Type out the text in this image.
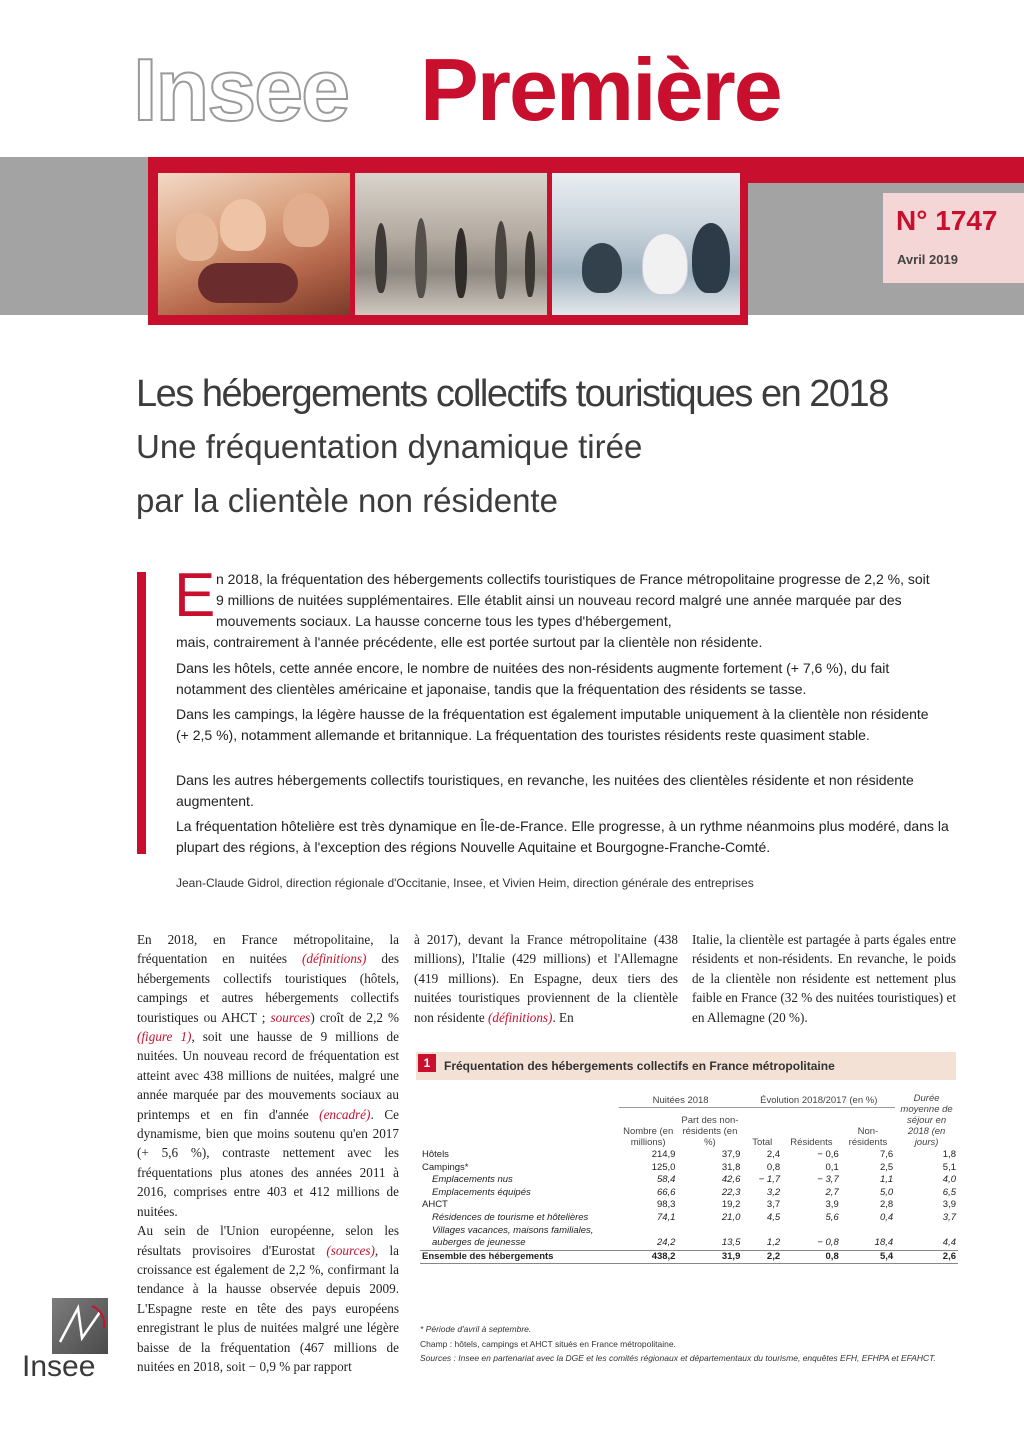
Insee Première
N° 1747
Avril 2019
Les hébergements collectifs touristiques en 2018
Une fréquentation dynamique tirée
par la clientèle non résidente
E n 2018, la fréquentation des hébergements collectifs touristiques de France métropolitaine progresse de 2,2 %, soit 9 millions de nuitées supplémentaires. Elle établit ainsi un nouveau record malgré une année marquée par des mouvements sociaux. La hausse concerne tous les types d'hébergement,

mais, contrairement à l'année précédente, elle est portée surtout par la clientèle non résidente.

Dans les hôtels, cette année encore, le nombre de nuitées des non-résidents augmente fortement (+ 7,6 %), du fait notamment des clientèles américaine et japonaise, tandis que la fréquentation des résidents se tasse.

Dans les campings, la légère hausse de la fréquentation est également imputable uniquement à la clientèle non résidente (+ 2,5 %), notamment allemande et britannique. La fréquentation des touristes résidents reste quasiment stable.

Dans les autres hébergements collectifs touristiques, en revanche, les nuitées des clientèles résidente et non résidente augmentent.

La fréquentation hôtelière est très dynamique en Île-de-France. Elle progresse, à un rythme néanmoins plus modéré, dans la plupart des régions, à l'exception des régions Nouvelle Aquitaine et Bourgogne-Franche-Comté.

Jean-Claude Gidrol, direction régionale d'Occitanie, Insee, et Vivien Heim, direction générale des entreprises

En 2018, en France métropolitaine, la fréquentation en nuitées (définitions) des hébergements collectifs touristiques (hôtels, campings et autres hébergements collectifs touristiques ou AHCT ; sources) croît de 2,2 % (figure 1), soit une hausse de 9 millions de nuitées. Un nouveau record de fréquentation est atteint avec 438 millions de nuitées, malgré une année marquée par des mouvements sociaux au printemps et en fin d'année (encadré). Ce dynamisme, bien que moins soutenu qu'en 2017 (+ 5,6 %), contraste nettement avec les fréquentations plus atones des années 2011 à 2016, comprises entre 403 et 412 millions de nuitées.
Au sein de l'Union européenne, selon les résultats provisoires d'Eurostat (sources), la croissance est également de 2,2 %, confirmant la tendance à la hausse observée depuis 2009. L'Espagne reste en tête des pays européens enregistrant le plus de nuitées malgré une légère baisse de la fréquentation (467 millions de nuitées en 2018, soit − 0,9 % par rapport

à 2017), devant la France métropolitaine (438 millions), l'Italie (429 millions) et l'Allemagne (419 millions). En Espagne, deux tiers des nuitées touristiques proviennent de la clientèle non résidente (définitions). En

Italie, la clientèle est partagée à parts égales entre résidents et non-résidents. En revanche, le poids de la clientèle non résidente est nettement plus faible en France (32 % des nuitées touristiques) et en Allemagne (20 %).

1	Fréquentation des hébergements collectifs en France métropolitaine
	Nuitées 2018		Évolution 2018/2017 (en %)			Durée moyenne de séjour en 2018 (en jours)
	Nombre (en millions)	Part des non-résidents (en %)	Total	Résidents	Non-résidents	
Hôtels	214,9	37,9	2,4	− 0,6	7,6	1,8
Campings*	125,0	31,8	0,8	0,1	2,5	5,1
Emplacements nus	58,4	42,6	− 1,7	− 3,7	1,1	4,0
Emplacements équipés	66,6	22,3	3,2	2,7	5,0	6,5
AHCT	98,3	19,2	3,7	3,9	2,8	3,9
Résidences de tourisme et hôtelières	74,1	21,0	4,5	5,6	0,4	3,7
Villages vacances, maisons familiales, auberges de jeunesse	24,2	13,5	1,2	− 0,8	18,4	4,4
Ensemble des hébergements	438,2	31,9	2,2	0,8	5,4	2,6
* Période d'avril à septembre.
Champ : hôtels, campings et AHCT situés en France métropolitaine.
Sources : Insee en partenariat avec la DGE et les comités régionaux et départementaux du tourisme, enquêtes EFH, EFHPA et EFAHCT.
Insee
